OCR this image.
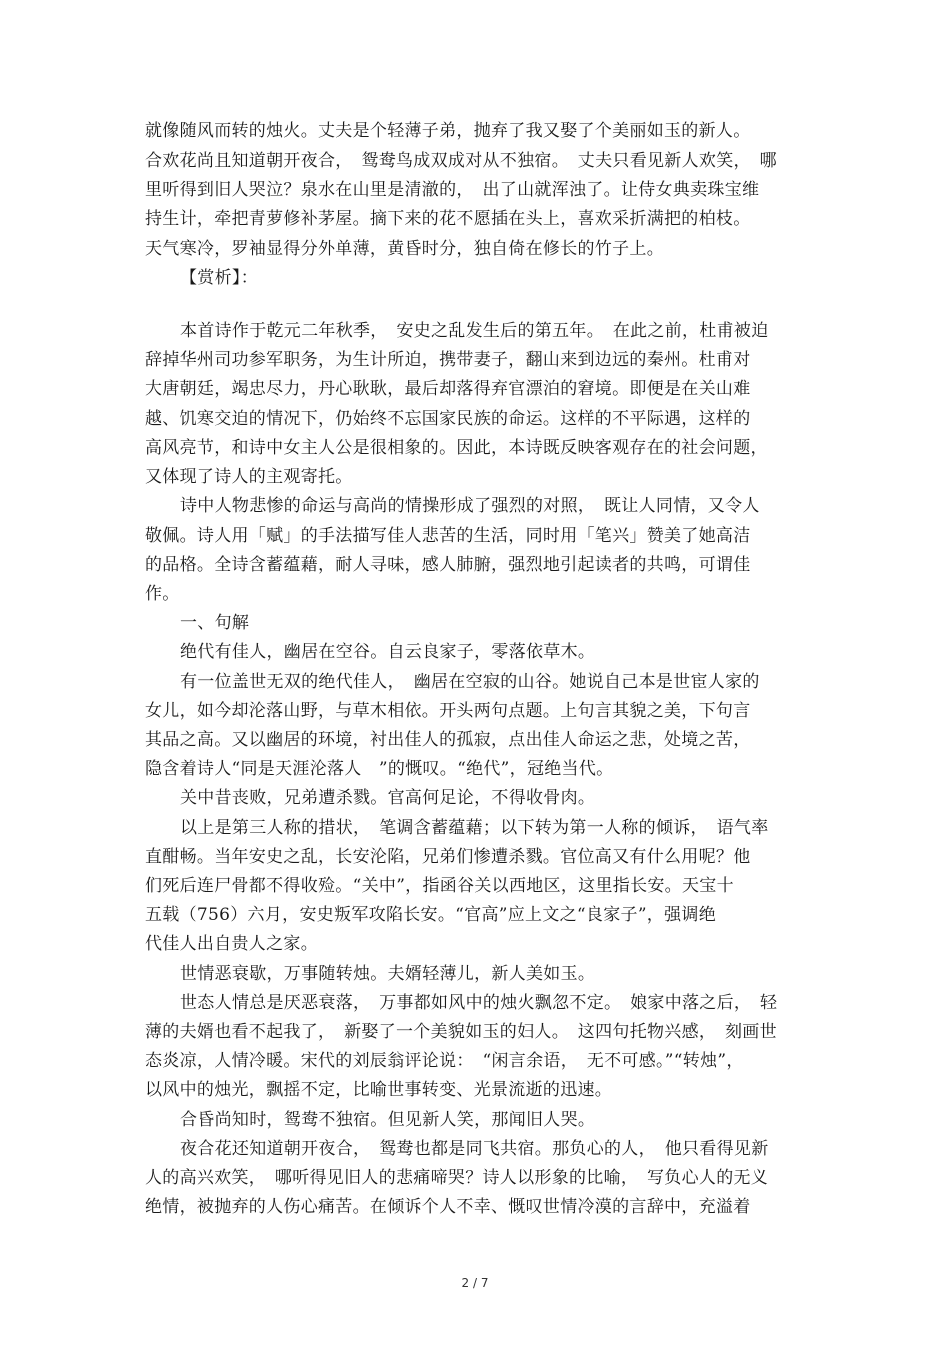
就像随风而转的烛火。丈夫是个轻薄子弟，抛弃了我又娶了个美丽如玉的新人。
合欢花尚且知道朝开夜合，　鸳鸯鸟成双成对从不独宿。　丈夫只看见新人欢笑，　哪
里听得到旧人哭泣？泉水在山里是清澈的，　出了山就浑浊了。让侍女典卖珠宝维
持生计，牵把青萝修补茅屋。摘下来的花不愿插在头上，喜欢采折满把的柏枝。
天气寒冷，罗袖显得分外单薄，黄昏时分，独自倚在修长的竹子上。
【赏析】：
本首诗作于乾元二年秋季，　安史之乱发生后的第五年。　在此之前，杜甫被迫
辞掉华州司功参军职务，为生计所迫，携带妻子，翻山来到边远的秦州。杜甫对
大唐朝廷，竭忠尽力，丹心耿耿，最后却落得弃官漂泊的窘境。即便是在关山难
越、饥寒交迫的情况下，仍始终不忘国家民族的命运。这样的不平际遇，这样的
高风亮节，和诗中女主人公是很相象的。因此，本诗既反映客观存在的社会问题，
又体现了诗人的主观寄托。
诗中人物悲惨的命运与高尚的情操形成了强烈的对照，　既让人同情，又令人
敬佩。诗人用「赋」的手法描写佳人悲苦的生活，同时用「笔兴」赞美了她高洁
的品格。全诗含蓄蕴藉，耐人寻味，感人肺腑，强烈地引起读者的共鸣，可谓佳
作。
一、句解
绝代有佳人，幽居在空谷。自云良家子，零落依草木。
有一位盖世无双的绝代佳人，　幽居在空寂的山谷。她说自己本是世宦人家的
女儿，如今却沦落山野，与草木相依。开头两句点题。上句言其貌之美，下句言
其品之高。又以幽居的环境，衬出佳人的孤寂，点出佳人命运之悲，处境之苦，
隐含着诗人“同是天涯沦落人　”的慨叹。“绝代”，冠绝当代。
关中昔丧败，兄弟遭杀戮。官高何足论，不得收骨肉。
以上是第三人称的措状，　笔调含蓄蕴藉；以下转为第一人称的倾诉，　语气率
直酣畅。当年安史之乱，长安沦陷，兄弟们惨遭杀戮。官位高又有什么用呢？他
们死后连尸骨都不得收殓。“关中”，指函谷关以西地区，这里指长安。天宝十
五载（756）六月，安史叛军攻陷长安。“官高”应上文之“良家子”，强调绝
代佳人出自贵人之家。
世情恶衰歇，万事随转烛。夫婿轻薄儿，新人美如玉。
世态人情总是厌恶衰落，　万事都如风中的烛火飘忽不定。　娘家中落之后，　轻
薄的夫婿也看不起我了，　新娶了一个美貌如玉的妇人。　这四句托物兴感，　刻画世
态炎凉，人情冷暖。宋代的刘辰翁评论说：　“闲言余语，　无不可感。”“转烛”，
以风中的烛光，飘摇不定，比喻世事转变、光景流逝的迅速。
合昏尚知时，鸳鸯不独宿。但见新人笑，那闻旧人哭。
夜合花还知道朝开夜合，　鸳鸯也都是同飞共宿。那负心的人，　他只看得见新
人的高兴欢笑，　哪听得见旧人的悲痛啼哭？诗人以形象的比喻，　写负心人的无义
绝情，被抛弃的人伤心痛苦。在倾诉个人不幸、慨叹世情冷漠的言辞中，充溢着
2 / 7
